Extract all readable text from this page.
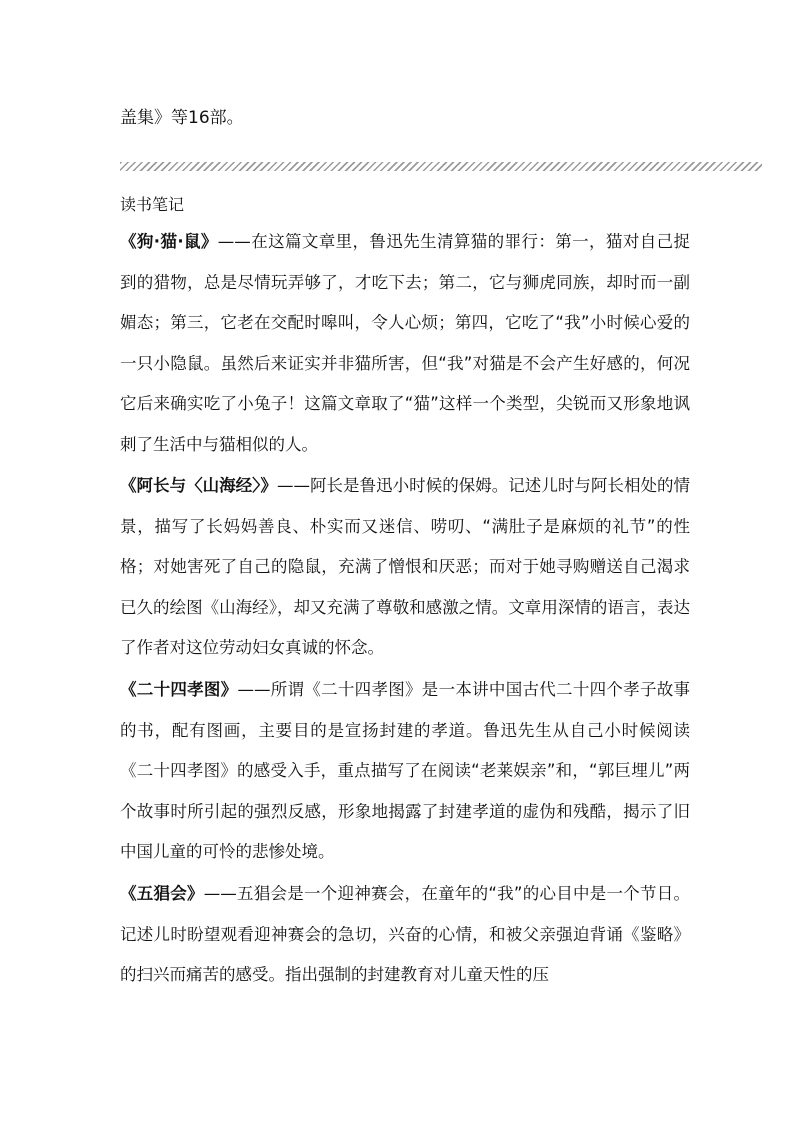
盖集》等16部。
读书笔记

《狗·猫·鼠》——在这篇文章里，鲁迅先生清算猫的罪行：第一，猫对自己捉到的猎物，总是尽情玩弄够了，才吃下去；第二，它与狮虎同族，却时而一副媚态；第三，它老在交配时嗥叫，令人心烦；第四，它吃了“我”小时候心爱的一只小隐鼠。虽然后来证实并非猫所害，但“我”对猫是不会产生好感的，何况它后来确实吃了小兔子！这篇文章取了“猫”这样一个类型，尖锐而又形象地讽刺了生活中与猫相似的人。

《阿长与〈山海经〉》——阿长是鲁迅小时候的保姆。记述儿时与阿长相处的情景，描写了长妈妈善良、朴实而又迷信、唠叨、“满肚子是麻烦的礼节”的性格；对她害死了自己的隐鼠，充满了憎恨和厌恶；而对于她寻购赠送自己渴求已久的绘图《山海经》，却又充满了尊敬和感激之情。文章用深情的语言，表达了作者对这位劳动妇女真诚的怀念。

《二十四孝图》——所谓《二十四孝图》是一本讲中国古代二十四个孝子故事的书，配有图画，主要目的是宣扬封建的孝道。鲁迅先生从自己小时候阅读《二十四孝图》的感受入手，重点描写了在阅读“老莱娱亲”和，“郭巨埋儿”两个故事时所引起的强烈反感，形象地揭露了封建孝道的虚伪和残酷，揭示了旧中国儿童的可怜的悲惨处境。

《五猖会》——五猖会是一个迎神赛会，在童年的“我”的心目中是一个节日。记述儿时盼望观看迎神赛会的急切，兴奋的心情，和被父亲强迫背诵《鉴略》的扫兴而痛苦的感受。指出强制的封建教育对儿童天性的压
